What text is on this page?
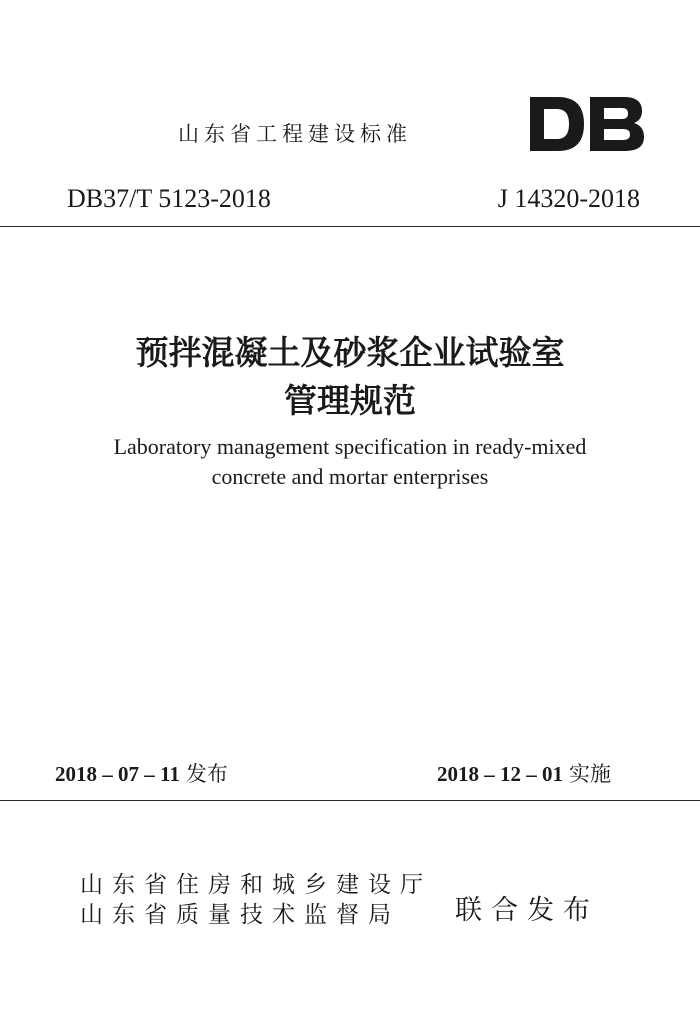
山东省工程建设标准
DB37/T 5123-2018	J 14320-2018
预拌混凝土及砂浆企业试验室
管理规范
Laboratory management specification in ready-mixed
concrete and mortar enterprises
2018 – 07 – 11 发布	2018 – 12 – 01 实施
山东省住房和城乡建设厅
山东省质量技术监督局 联合发布
